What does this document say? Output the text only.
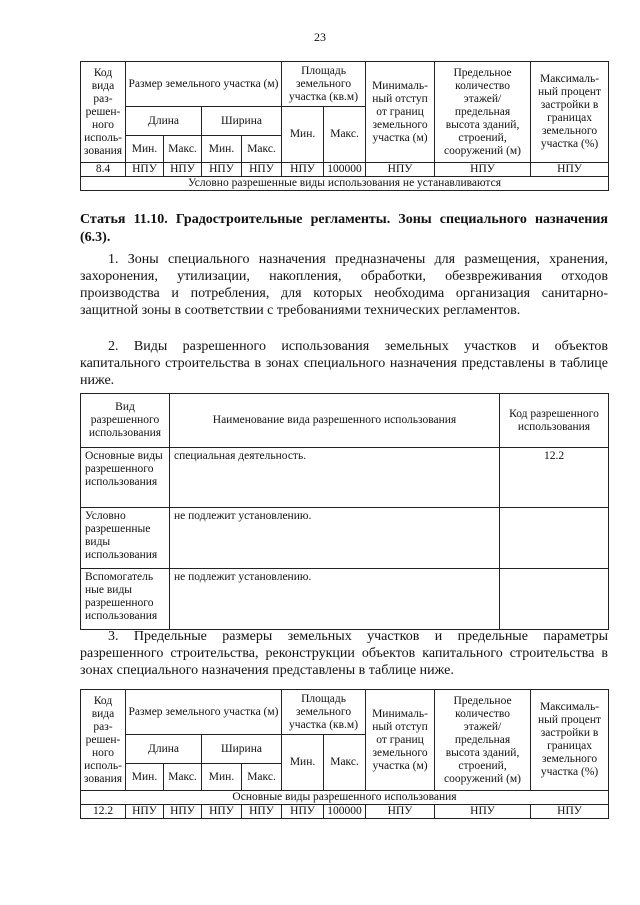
23
Код вида раз- решен- ного исполь- зования	Размер земельного участка (м)				Площадь земельного участка (кв.м)		Минималь- ный отступ от границ земельного участка (м)	Предельное количество этажей/ предельная высота зданий, строений, сооружений (м)	Максималь- ный процент застройки в границах земельного участка (%)
	Длина		Ширина		Мин.	Макс.			
	Мин.	Макс.	Мин.	Макс.					
8.4	НПУ	НПУ	НПУ	НПУ	НПУ	100000	НПУ	НПУ	НПУ
Условно разрешенные виды использования не устанавливаются									
Статья 11.10. Градостроительные регламенты. Зоны специального назначения (6.3).
1. Зоны специального назначения предназначены для размещения, хранения, захоронения, утилизации, накопления, обработки, обезвреживания отходов производства и потребления, для которых необходима организация санитарно-защитной зоны в соответствии с требованиями технических регламентов.
2. Виды разрешенного использования земельных участков и объектов капитального строительства в зонах специального назначения представлены в таблице ниже.
Вид разрешенного использования	Наименование вида разрешенного использования	Код разрешенного использования
Основные виды разрешенного использования	специальная деятельность.	12.2
Условно разрешенные виды использования	не подлежит установлению.	
Вспомогатель ные виды разрешенного использования	не подлежит установлению.	
3. Предельные размеры земельных участков и предельные параметры разрешенного строительства, реконструкции объектов капитального строительства в зонах специального назначения представлены в таблице ниже.
Код вида раз- решен- ного исполь- зования	Размер земельного участка (м)				Площадь земельного участка (кв.м)		Минималь- ный отступ от границ земельного участка (м)	Предельное количество этажей/ предельная высота зданий, строений, сооружений (м)	Максималь- ный процент застройки в границах земельного участка (%)
	Длина		Ширина		Мин.	Макс.			
	Мин.	Макс.	Мин.	Макс.					
Основные виды разрешенного использования									
12.2	НПУ	НПУ	НПУ	НПУ	НПУ	100000	НПУ	НПУ	НПУ
